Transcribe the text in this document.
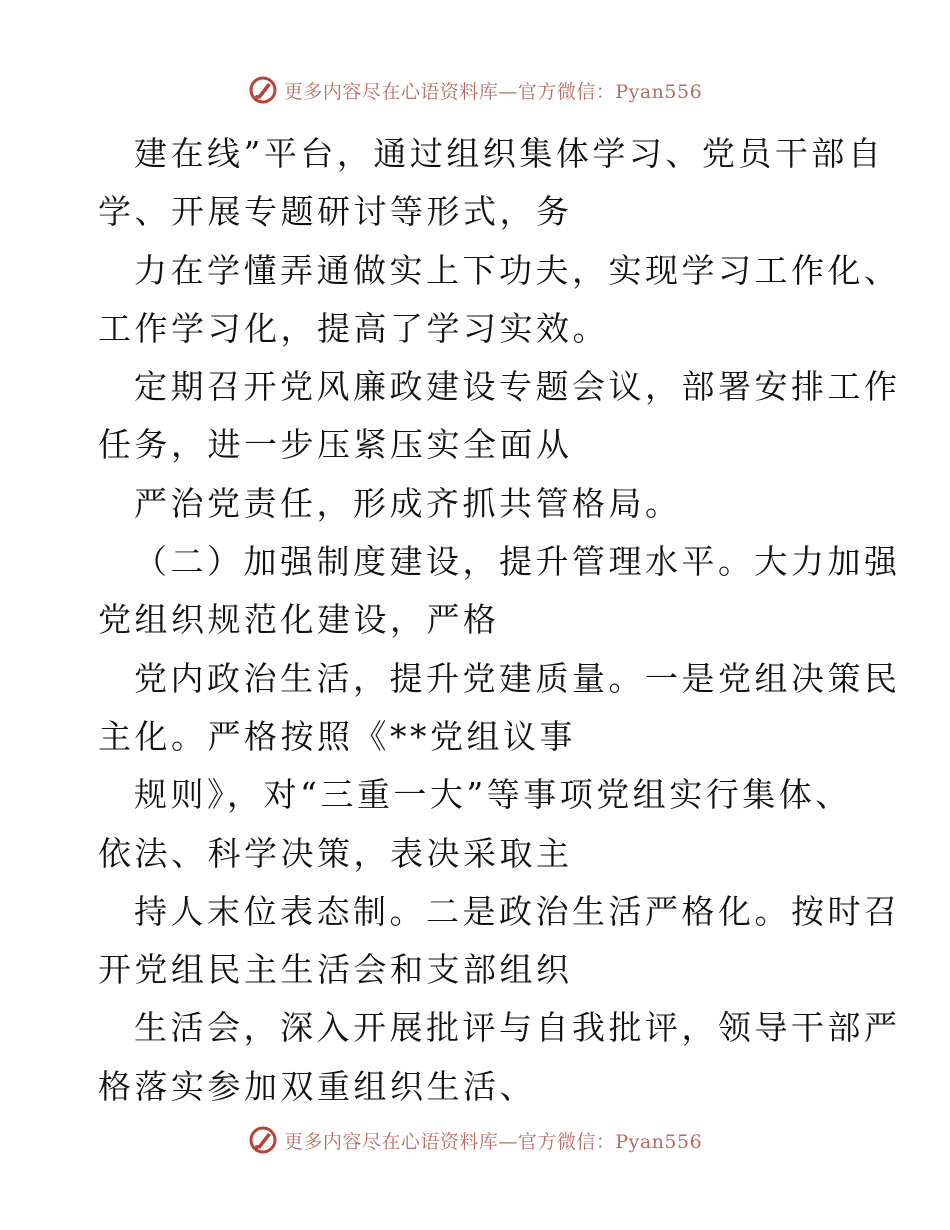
更多内容尽在心语资料库—官方微信：Pyan556
建在线”平台，通过组织集体学习、党员干部自
学、开展专题研讨等形式，务
力在学懂弄通做实上下功夫，实现学习工作化、
工作学习化，提高了学习实效。
定期召开党风廉政建设专题会议，部署安排工作
任务，进一步压紧压实全面从
严治党责任，形成齐抓共管格局。
（二）加强制度建设，提升管理水平。大力加强
党组织规范化建设，严格
党内政治生活，提升党建质量。一是党组决策民
主化。严格按照《**党组议事
规则》，对“三重一大”等事项党组实行集体、
依法、科学决策，表决采取主
持人末位表态制。二是政治生活严格化。按时召
开党组民主生活会和支部组织
生活会，深入开展批评与自我批评，领导干部严
格落实参加双重组织生活、
更多内容尽在心语资料库—官方微信：Pyan556
